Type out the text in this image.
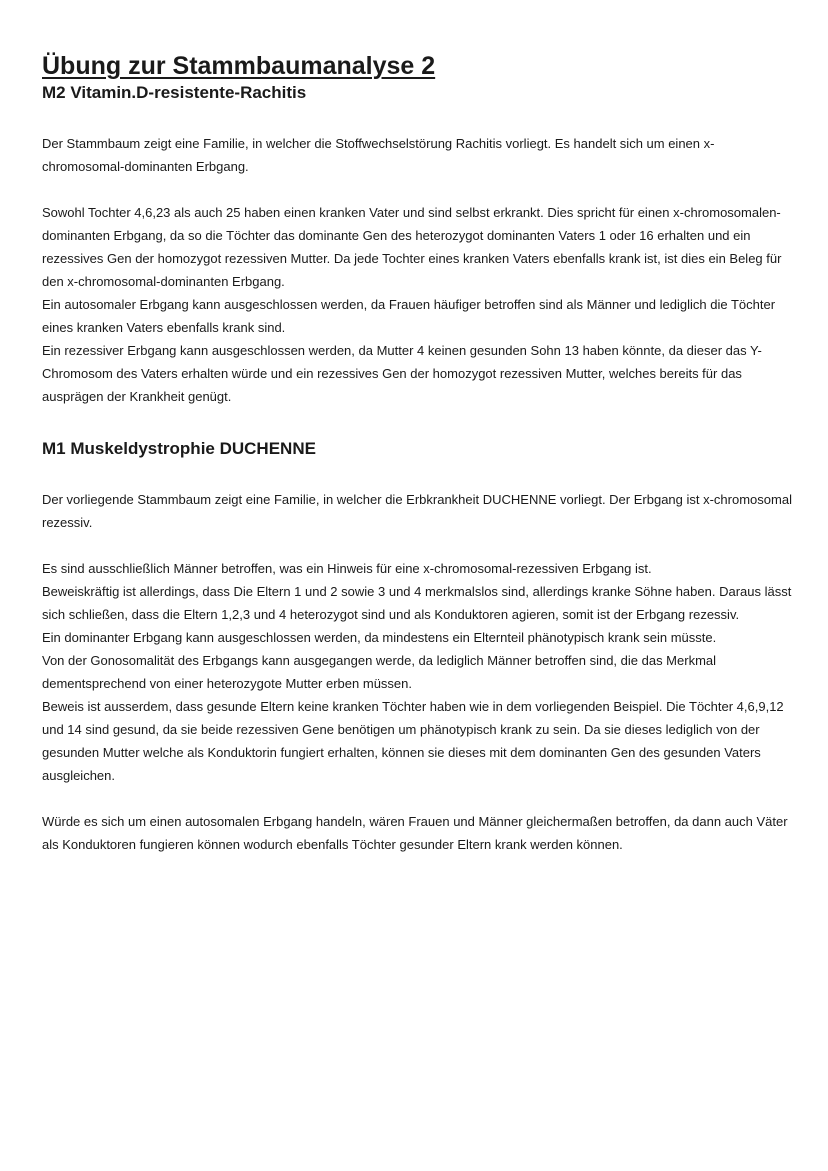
Übung zur Stammbaumanalyse 2
M2 Vitamin.D-resistente-Rachitis

Der Stammbaum zeigt eine Familie, in welcher die Stoffwechselstörung Rachitis vorliegt. Es handelt sich um einen x-chromosomal-dominanten Erbgang.

Sowohl Tochter 4,6,23 als auch 25 haben einen kranken Vater und sind selbst erkrankt. Dies spricht für einen x-chromosomalen-dominanten Erbgang, da so die Töchter das dominante Gen des heterozygot dominanten Vaters 1 oder 16 erhalten und ein rezessives Gen der homozygot rezessiven Mutter. Da jede Tochter eines kranken Vaters ebenfalls krank ist, ist dies ein Beleg für den x-chromosomal-dominanten Erbgang.

Ein autosomaler Erbgang kann ausgeschlossen werden, da Frauen häufiger betroffen sind als Männer und lediglich die Töchter eines kranken Vaters ebenfalls krank sind.

Ein rezessiver Erbgang kann ausgeschlossen werden, da Mutter 4 keinen gesunden Sohn 13 haben könnte, da dieser das Y-Chromosom des Vaters erhalten würde und ein rezessives Gen der homozygot rezessiven Mutter, welches bereits für das ausprägen der Krankheit genügt.

M1 Muskeldystrophie DUCHENNE

Der vorliegende Stammbaum zeigt eine Familie, in welcher die Erbkrankheit DUCHENNE vorliegt. Der Erbgang ist x-chromosomal rezessiv.

Es sind ausschließlich Männer betroffen, was ein Hinweis für eine x-chromosomal-rezessiven Erbgang ist.

Beweiskräftig ist allerdings, dass Die Eltern 1 und 2 sowie 3 und 4 merkmalslos sind, allerdings kranke Söhne haben. Daraus lässt sich schließen, dass die Eltern 1,2,3 und 4 heterozygot sind und als Konduktoren agieren, somit ist der Erbgang rezessiv.

Ein dominanter Erbgang kann ausgeschlossen werden, da mindestens ein Elternteil phänotypisch krank sein müsste.

Von der Gonosomalität des Erbgangs kann ausgegangen werde, da lediglich Männer betroffen sind, die das Merkmal dementsprechend von einer heterozygote Mutter erben müssen.

Beweis ist ausserdem, dass gesunde Eltern keine kranken Töchter haben wie in dem vorliegenden Beispiel. Die Töchter 4,6,9,12 und 14 sind gesund, da sie beide rezessiven Gene benötigen um phänotypisch krank zu sein. Da sie dieses lediglich von der gesunden Mutter welche als Konduktorin fungiert erhalten, können sie dieses mit dem dominanten Gen des gesunden Vaters ausgleichen.

Würde es sich um einen autosomalen Erbgang handeln, wären Frauen und Männer gleichermaßen betroffen, da dann auch Väter als Konduktoren fungieren können wodurch ebenfalls Töchter gesunder Eltern krank werden können.
